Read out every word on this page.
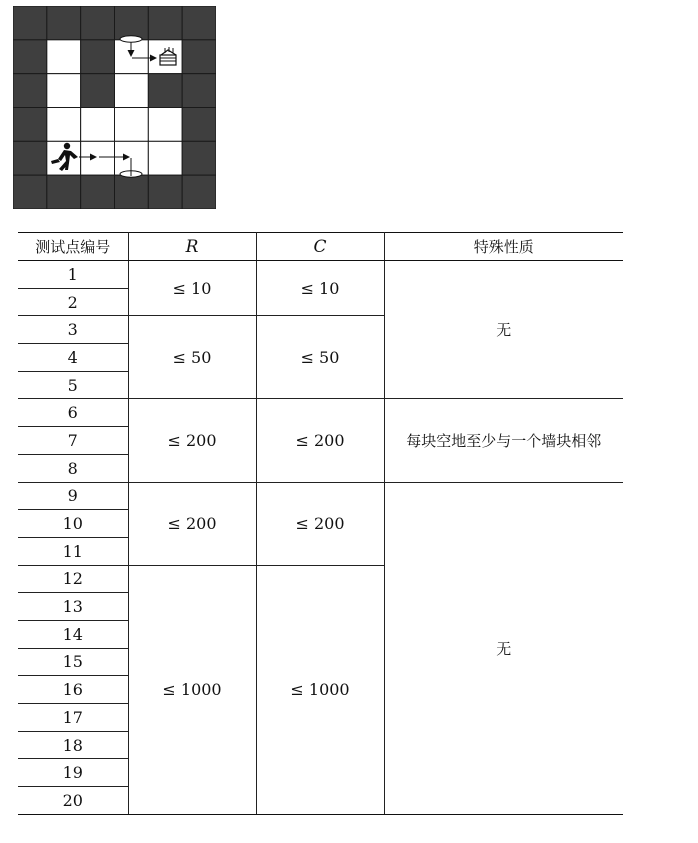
测试点编号	R	C	特殊性质
1	≤ 10	≤ 10	无
2			
3	≤ 50	≤ 50	
4			
5			
6	≤ 200	≤ 200	每块空地至少与一个墙块相邻
7			
8			
9	≤ 200	≤ 200	无
10			
11			
12	≤ 1000	≤ 1000	
13			
14			
15			
16			
17			
18			
19			
20			
